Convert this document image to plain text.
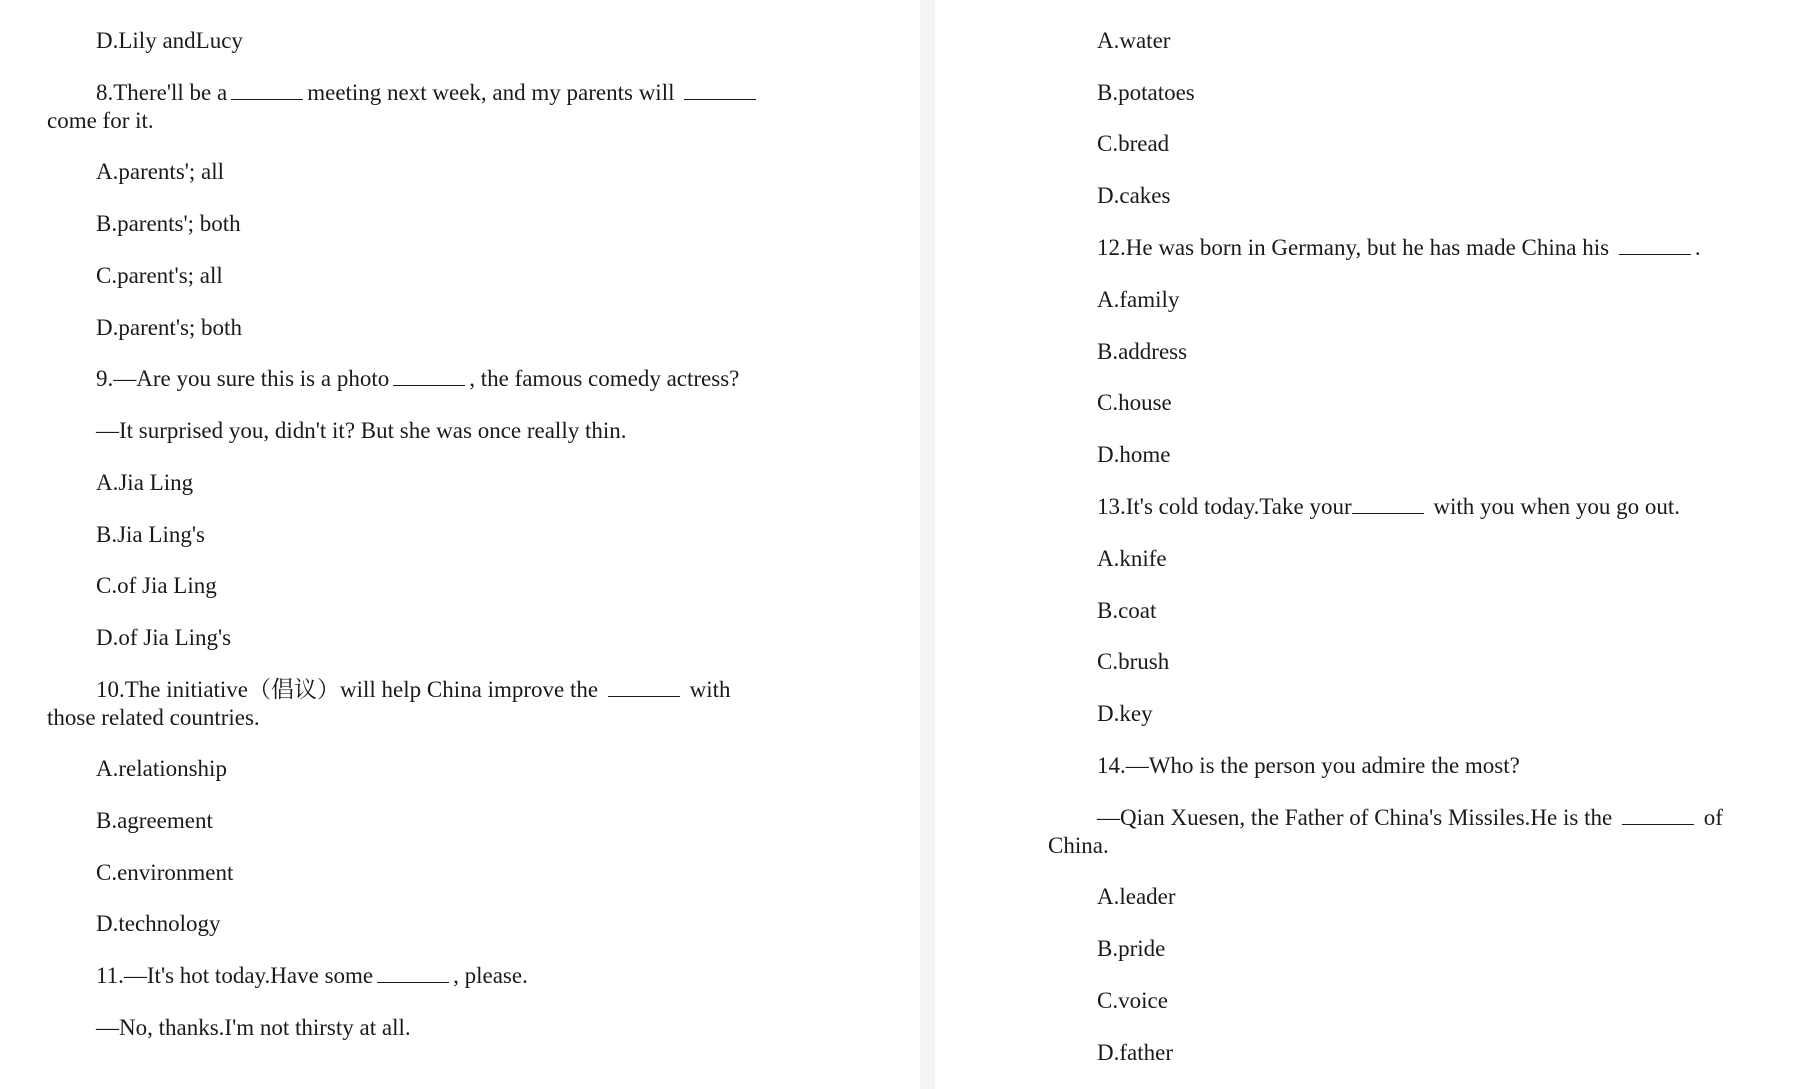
D.Lily andLucy
8.There'll be a	meeting next week, and my parents will  come for it.
A.parents'; all
B.parents'; both
C.parent's; all
D.parent's; both
9.—Are you sure this is a photo	, the famous comedy actress?
—It surprised you, didn't it? But she was once really thin.
A.Jia Ling
B.Jia Ling's
C.of Jia Ling
D.of Jia Ling's
10.The initiative（倡议）will help China improve the	with those related countries.
A.relationship
B.agreement
C.environment
D.technology
11.—It's hot today.Have some	, please.
—No, thanks.I'm not thirsty at all.
A.water
B.potatoes
C.bread
D.cakes
12.He was born in Germany, but he has made China his	.
A.family
B.address
C.house
D.home
13.It's cold today.Take your	with you when you go out.
A.knife
B.coat
C.brush
D.key
14.—Who is the person you admire the most?
—Qian Xuesen, the Father of China's Missiles.He is the	of China.
A.leader
B.pride
C.voice
D.father
